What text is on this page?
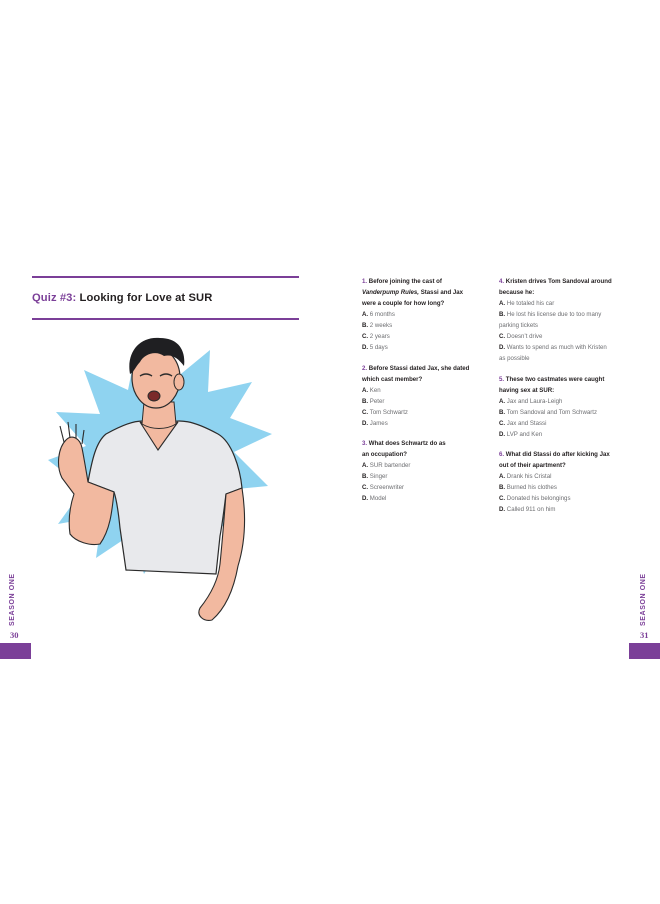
Quiz #3: Looking for Love at SUR
SEASON ONE
30
1. Before joining the cast of
Vanderpump Rules, Stassi and Jax
were a couple for how long?
A. 6 months
B. 2 weeks
C. 2 years
D. 5 days
2. Before Stassi dated Jax, she dated
which cast member?
A. Ken
B. Peter
C. Tom Schwartz
D. James
3. What does Schwartz do as
an occupation?
A. SUR bartender
B. Singer
C. Screenwriter
D. Model
4. Kristen drives Tom Sandoval around
because he:
A. He totaled his car
B. He lost his license due to too many
parking tickets
C. Doesn’t drive
D. Wants to spend as much with Kristen
as possible
5. These two castmates were caught
having sex at SUR:
A. Jax and Laura-Leigh
B. Tom Sandoval and Tom Schwartz
C. Jax and Stassi
D. LVP and Ken
6. What did Stassi do after kicking Jax
out of their apartment?
A. Drank his Cristal
B. Burned his clothes
C. Donated his belongings
D. Called 911 on him
SEASON ONE
31
